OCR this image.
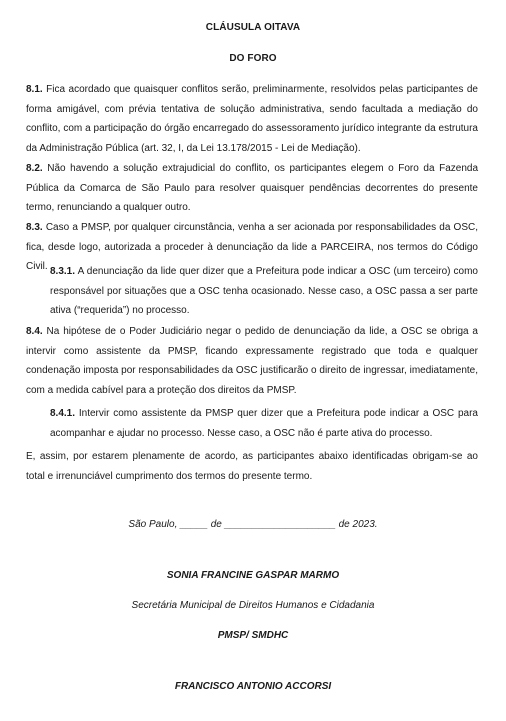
CLÁUSULA OITAVA
DO FORO
8.1. Fica acordado que quaisquer conflitos serão, preliminarmente, resolvidos pelas participantes de forma amigável, com prévia tentativa de solução administrativa, sendo facultada a mediação do conflito, com a participação do órgão encarregado do assessoramento jurídico integrante da estrutura da Administração Pública (art. 32, I, da Lei 13.178/2015 - Lei de Mediação).
8.2. Não havendo a solução extrajudicial do conflito, os participantes elegem o Foro da Fazenda Pública da Comarca de São Paulo para resolver quaisquer pendências decorrentes do presente termo, renunciando a qualquer outro.
8.3. Caso a PMSP, por qualquer circunstância, venha a ser acionada por responsabilidades da OSC, fica, desde logo, autorizada a proceder à denunciação da lide a PARCEIRA, nos termos do Código Civil. 8.3.1. A denunciação da lide quer dizer que a Prefeitura pode indicar a OSC (um terceiro) como responsável por situações que a OSC tenha ocasionado. Nesse caso, a OSC passa a ser parte ativa (“requerida”) no processo.
8.4. Na hipótese de o Poder Judiciário negar o pedido de denunciação da lide, a OSC se obriga a intervir como assistente da PMSP, ficando expressamente registrado que toda e qualquer condenação imposta por responsabilidades da OSC justificarão o direito de ingressar, imediatamente, com a medida cabível para a proteção dos direitos da PMSP.
8.4.1. Intervir como assistente da PMSP quer dizer que a Prefeitura pode indicar a OSC para acompanhar e ajudar no processo. Nesse caso, a OSC não é parte ativa do processo.
E, assim, por estarem plenamente de acordo, as participantes abaixo identificadas obrigam-se ao total e irrenunciável cumprimento dos termos do presente termo.
São Paulo, _____ de ____________________ de 2023.
SONIA FRANCINE GASPAR MARMO
Secretária Municipal de Direitos Humanos e Cidadania
PMSP/ SMDHC
FRANCISCO ANTONIO ACCORSI
